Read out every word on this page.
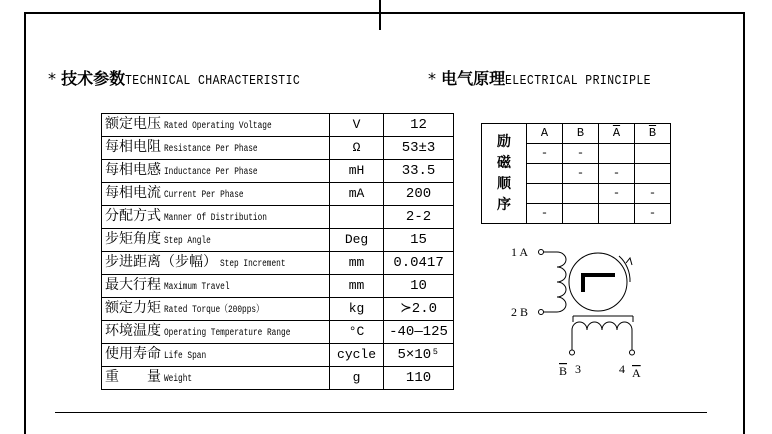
* 技术参数TECHNICAL CHARACTERISTIC	* 电气原理ELECTRICAL PRINCIPLE
额定电压 Rated Operating Voltage	V	12
每相电阻 Resistance Per Phase	Ω	53±3
每相电感 Inductance Per Phase	mH	33.5
每相电流 Current Per Phase	mA	200
分配方式 Manner Of Distribution		2-2
步矩角度 Step Angle	Deg	15
步进距离（步幅） Step Increment	mm	0.0417
最大行程 Maximum Travel	mm	10
额定力矩 Rated Torque（200pps）	kg	≻2.0
环境温度 Operating Temperature Range	°C	-40—125
使用寿命 Life Span	cycle	5×10⁵
重　　量 Weight	g	110
励
磁
顺
序	A	B	$\overline{A}$	$\overline{B}$
	-	-		
		-	-	
			-	-
	-			-
1 A
2 B
B 3	4 A
